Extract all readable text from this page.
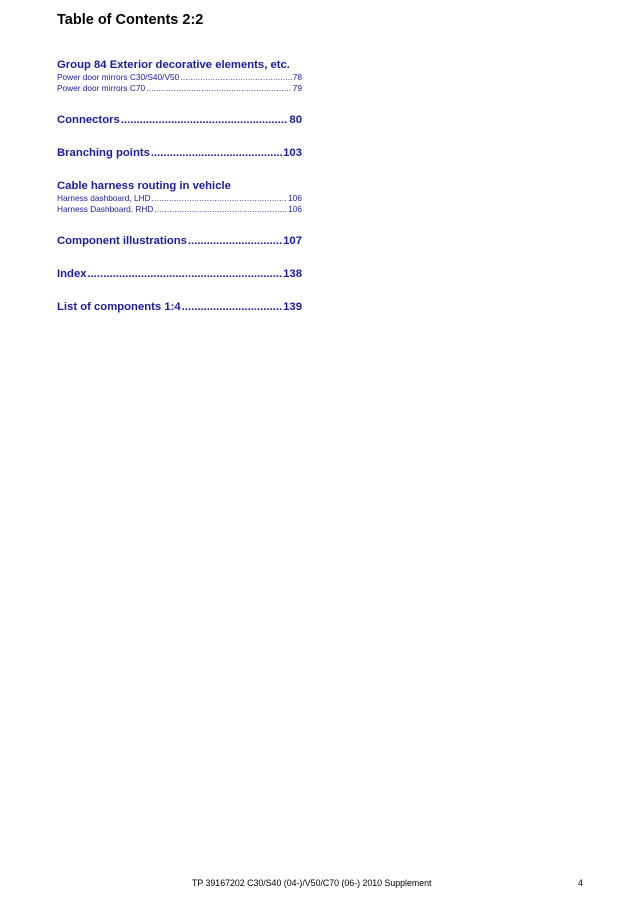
Table of Contents 2:2
Group 84 Exterior decorative elements, etc.
Power door mirrors C30/S40/V50 .....	78
Power door mirrors C70 .....	79
Connectors .....	80
Branching points .....	103
Cable harness routing in vehicle
Harness dashboard, LHD .....	106
Harness Dashboard, RHD .....	106
Component illustrations .....	107
Index .....	138
List of components 1:4 .....	139
TP 39167202 C30/S40 (04-)/V50/C70 (06-) 2010 Supplement	4
